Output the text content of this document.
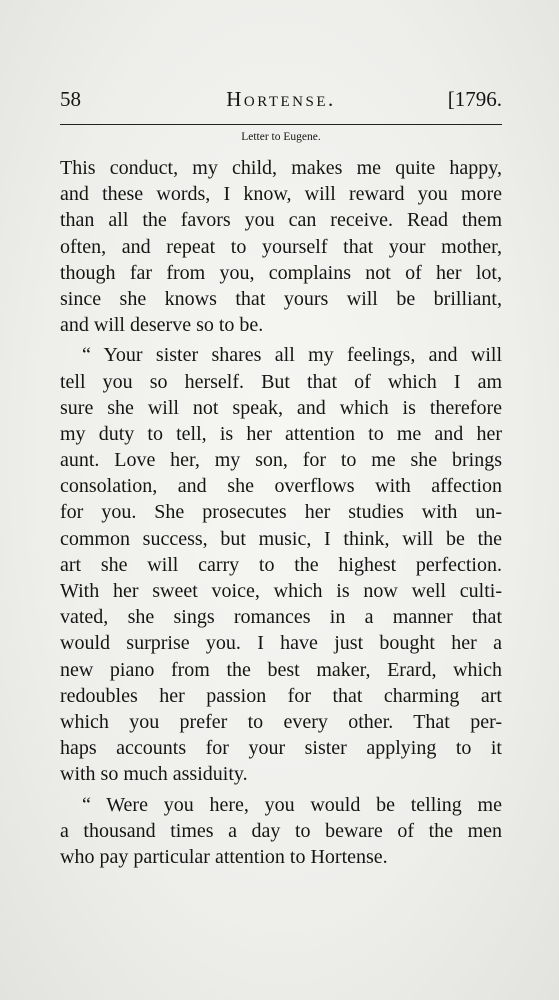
58	Hortense.	[1796.
Letter to Eugene.
This conduct, my child, makes me quite happy,
and these words, I know, will reward you more
than all the favors you can receive. Read them
often, and repeat to yourself that your mother,
though far from you, complains not of her lot,
since she knows that yours will be brilliant,
and will deserve so to be.
“ Your sister shares all my feelings, and will
tell you so herself. But that of which I am
sure she will not speak, and which is therefore
my duty to tell, is her attention to me and her
aunt. Love her, my son, for to me she brings
consolation, and she overflows with affection
for you. She prosecutes her studies with un-
common success, but music, I think, will be the
art she will carry to the highest perfection.
With her sweet voice, which is now well culti-
vated, she sings romances in a manner that
would surprise you. I have just bought her a
new piano from the best maker, Erard, which
redoubles her passion for that charming art
which you prefer to every other. That per-
haps accounts for your sister applying to it
with so much assiduity.
“ Were you here, you would be telling me
a thousand times a day to beware of the men
who pay particular attention to Hortense.
